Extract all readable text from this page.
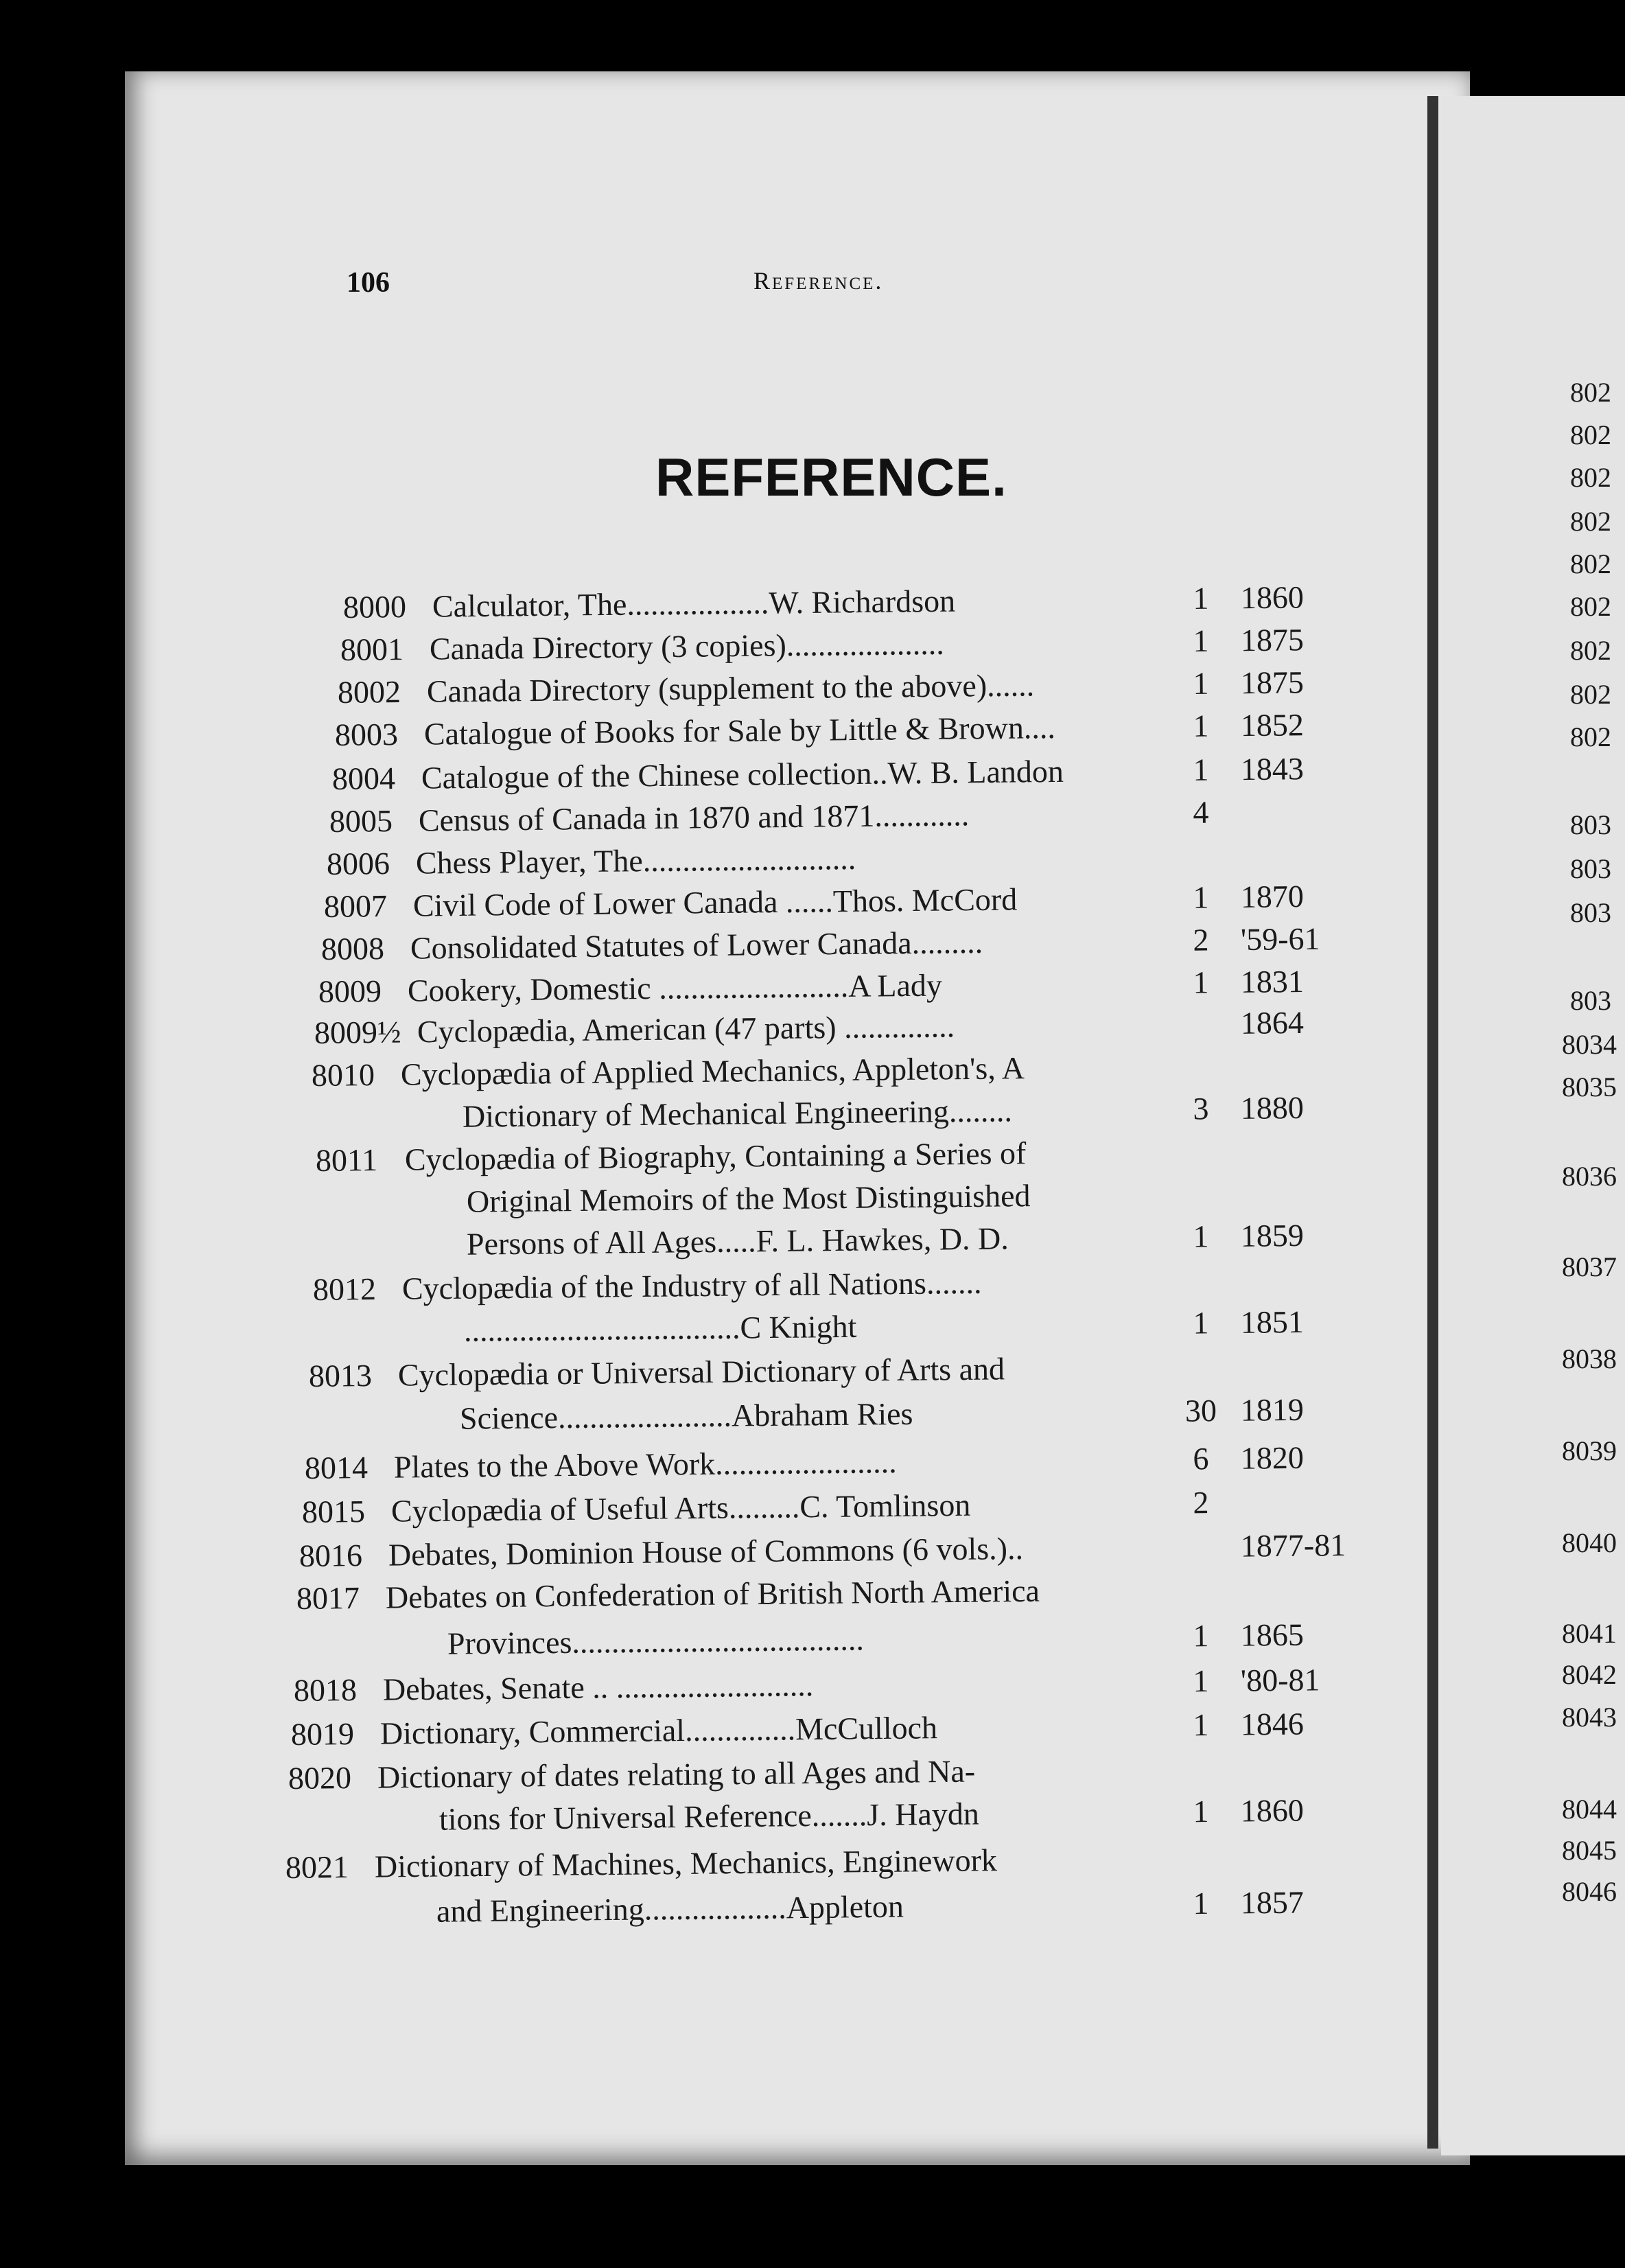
106	Reference.
REFERENCE.
8000 Calculator, The..................W. Richardson	1 1860
8001 Canada Directory (3 copies)....................	1 1875
8002 Canada Directory (supplement to the above)......	1 1875
8003 Catalogue of Books for Sale by Little & Brown....	1 1852
8004 Catalogue of the Chinese collection..W. B. Landon	1 1843
8005 Census of Canada in 1870 and 1871............	4
8006 Chess Player, The...........................
8007 Civil Code of Lower Canada ......Thos. McCord	1 1870
8008 Consolidated Statutes of Lower Canada.........	2 '59-61
8009 Cookery, Domestic ........................A Lady	1 1831
8009½ Cyclopædia, American (47 parts) ..............	1864
8010 Cyclopædia of Applied Mechanics, Appleton's, A
Dictionary of Mechanical Engineering........	3 1880
8011 Cyclopædia of Biography, Containing a Series of
Original Memoirs of the Most Distinguished
Persons of All Ages.....F. L. Hawkes, D. D.	1 1859
8012 Cyclopædia of the Industry of all Nations.......
...................................C Knight	1 1851
8013 Cyclopædia or Universal Dictionary of Arts and
Science......................Abraham Ries	30 1819
8014 Plates to the Above Work.......................	6 1820
8015 Cyclopædia of Useful Arts.........C. Tomlinson	2
8016 Debates, Dominion House of Commons (6 vols.)..	1877-81
8017 Debates on Confederation of British North America
Provinces.....................................	1 1865
8018 Debates, Senate .. .........................	1 '80-81
8019 Dictionary, Commercial..............McCulloch	1 1846
8020 Dictionary of dates relating to all Ages and Na-
tions for Universal Reference.......J. Haydn	1 1860
8021 Dictionary of Machines, Mechanics, Enginework
and Engineering..................Appleton	1 1857
802
802
802
802
802
802
802
802
802
803
803
803
803
8034
8035
8036
8037
8038
8039
8040
8041
8042
8043
8044
8045
8046
